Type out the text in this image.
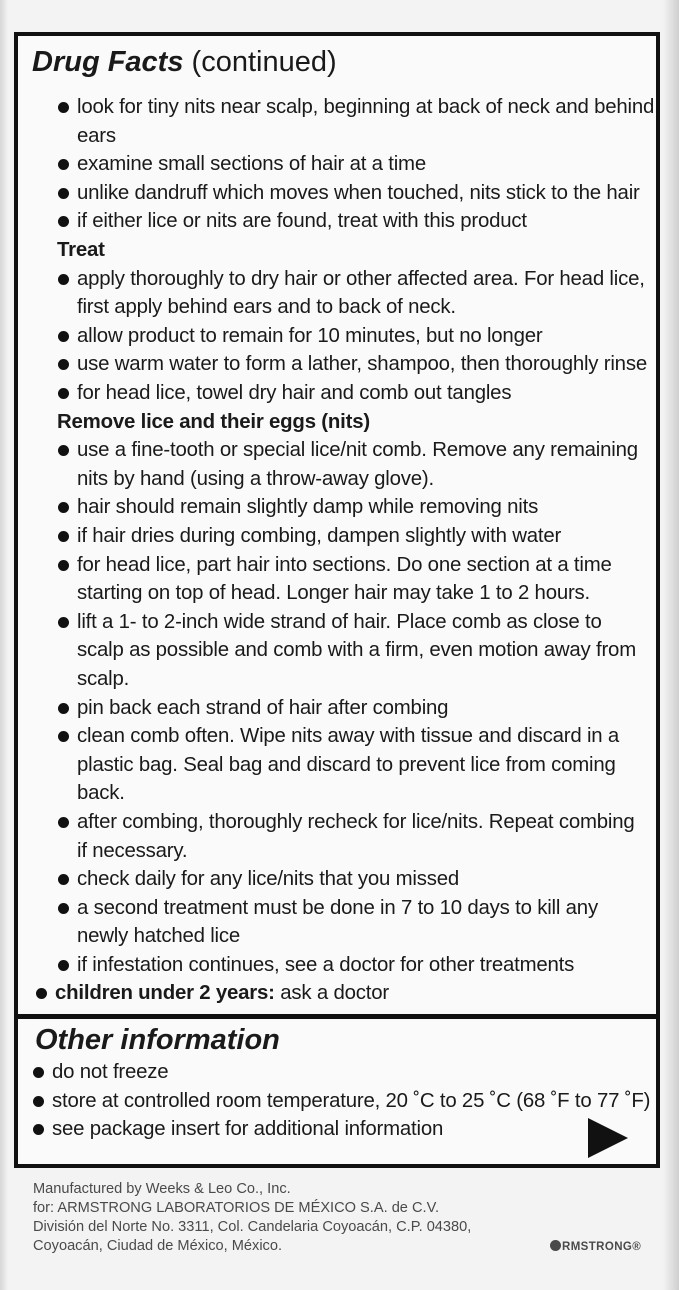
Drug Facts (continued)
look for tiny nits near scalp, beginning at back of neck and behind
ears
examine small sections of hair at a time
unlike dandruff which moves when touched, nits stick to the hair
if either lice or nits are found, treat with this product
Treat
apply thoroughly to dry hair or other affected area. For head lice,
first apply behind ears and to back of neck.
allow product to remain for 10 minutes, but no longer
use warm water to form a lather, shampoo, then thoroughly rinse
for head lice, towel dry hair and comb out tangles
Remove lice and their eggs (nits)
use a fine-tooth or special lice/nit comb. Remove any remaining
nits by hand (using a throw-away glove).
hair should remain slightly damp while removing nits
if hair dries during combing, dampen slightly with water
for head lice, part hair into sections. Do one section at a time
starting on top of head. Longer hair may take 1 to 2 hours.
lift a 1- to 2-inch wide strand of hair. Place comb as close to
scalp as possible and comb with a firm, even motion away from
scalp.
pin back each strand of hair after combing
clean comb often. Wipe nits away with tissue and discard in a
plastic bag. Seal bag and discard to prevent lice from coming
back.
after combing, thoroughly recheck for lice/nits. Repeat combing
if necessary.
check daily for any lice/nits that you missed
a second treatment must be done in 7 to 10 days to kill any
newly hatched lice
if infestation continues, see a doctor for other treatments
children under 2 years: ask a doctor
Other information
do not freeze
store at controlled room temperature, 20 ˚C to 25 ˚C (68 ˚F to 77 ˚F)
see package insert for additional information
Manufactured by Weeks & Leo Co., Inc.
for: ARMSTRONG LABORATORIOS DE MÉXICO S.A. de C.V.
División del Norte No. 3311, Col. Candelaria Coyoacán, C.P. 04380,
Coyoacán, Ciudad de México, México.	RMSTRONG®
